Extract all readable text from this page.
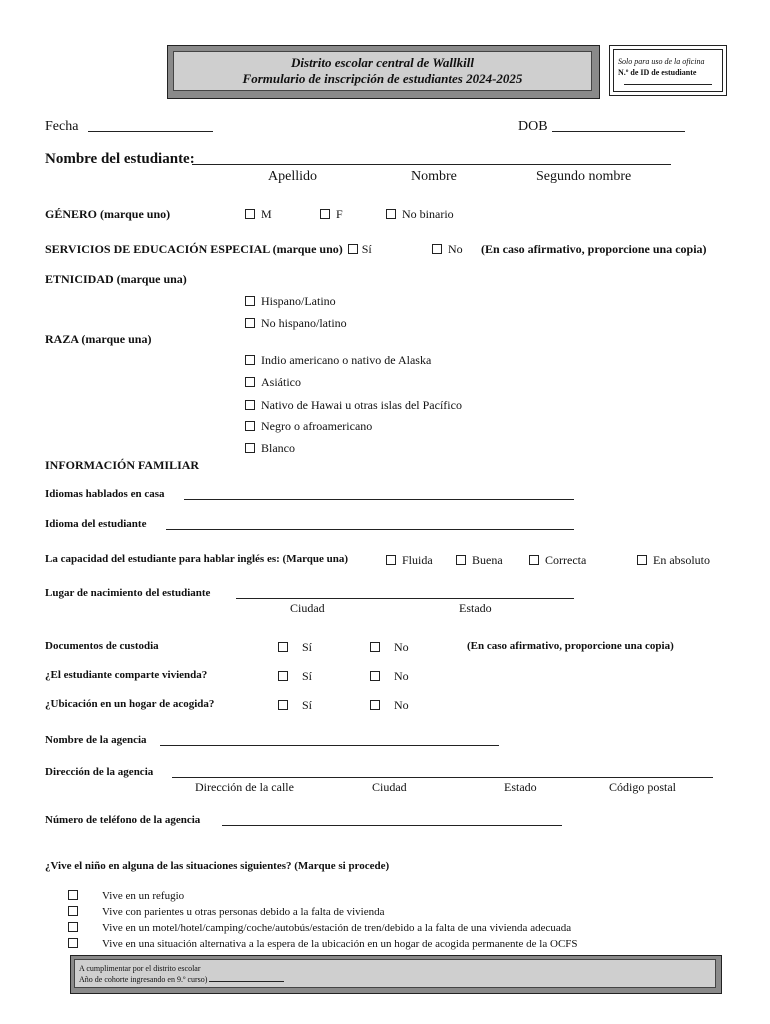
Distrito escolar central de Wallkill
Formulario de inscripción de estudiantes 2024-2025
Solo para uso de la oficina
N.º de ID de estudiante
Fecha	DOB
Nombre del estudiante:
Apellido	Nombre	Segundo nombre
GÉNERO (marque uno)	M	F	No binario
SERVICIOS DE EDUCACIÓN ESPECIAL (marque uno) Sí	No (En caso afirmativo, proporcione una copia)
ETNICIDAD (marque una)
Hispano/Latino
No hispano/latino
RAZA (marque una)
Indio americano o nativo de Alaska
Asiático
Nativo de Hawai u otras islas del Pacífico
Negro o afroamericano
Blanco
INFORMACIÓN FAMILIAR
Idiomas hablados en casa
Idioma del estudiante
La capacidad del estudiante para hablar inglés es: (Marque una)	Fluida	Buena	Correcta	En absoluto
Lugar de nacimiento del estudiante
Ciudad	Estado
Documentos de custodia	Sí	No	(En caso afirmativo, proporcione una copia)
¿El estudiante comparte vivienda?	Sí	No
¿Ubicación en un hogar de acogida?	Sí	No
Nombre de la agencia
Dirección de la agencia
Dirección de la calle	Ciudad	Estado	Código postal
Número de teléfono de la agencia
¿Vive el niño en alguna de las situaciones siguientes? (Marque si procede)
Vive en un refugio
Vive con parientes u otras personas debido a la falta de vivienda
Vive en un motel/hotel/camping/coche/autobús/estación de tren/debido a la falta de una vivienda adecuada
Vive en una situación alternativa a la espera de la ubicación en un hogar de acogida permanente de la OCFS
A cumplimentar por el distrito escolar
Año de cohorte ingresando en 9.º curso)
